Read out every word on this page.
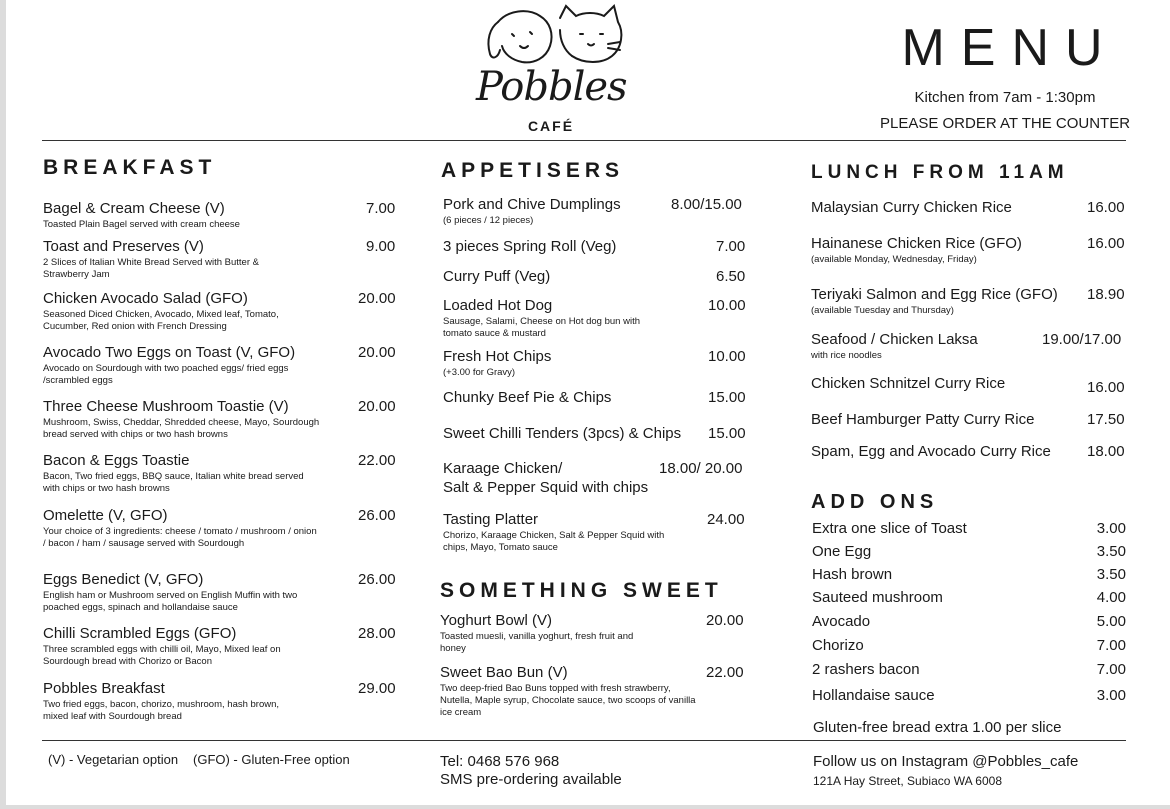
Pobbles
CAFÉ
MENU
Kitchen from 7am - 1:30pm
PLEASE ORDER AT THE COUNTER
BREAKFAST
Bagel & Cream Cheese (V)
Toasted Plain Bagel served with cream cheese
7.00
Toast and Preserves (V)
2 Slices of Italian White Bread Served with Butter & Strawberry Jam
9.00
Chicken Avocado Salad (GFO)
Seasoned Diced Chicken, Avocado, Mixed leaf, Tomato, Cucumber, Red onion with French Dressing
20.00
Avocado Two Eggs on Toast (V, GFO)
Avocado on Sourdough with two poached eggs/ fried eggs /scrambled eggs
20.00
Three Cheese Mushroom Toastie (V)
Mushroom, Swiss, Cheddar, Shredded cheese, Mayo, Sourdough bread served with chips or two hash browns
20.00
Bacon & Eggs Toastie
Bacon, Two fried eggs, BBQ sauce, Italian white bread served with chips or two hash browns
22.00
Omelette (V, GFO)
Your choice of 3 ingredients: cheese / tomato / mushroom / onion / bacon / ham / sausage served with Sourdough
26.00
Eggs Benedict (V, GFO)
English ham or Mushroom served on English Muffin with two poached eggs, spinach and hollandaise sauce
26.00
Chilli Scrambled Eggs (GFO)
Three scrambled eggs with chilli oil, Mayo, Mixed leaf on Sourdough bread with Chorizo or Bacon
28.00
Pobbles Breakfast
Two fried eggs, bacon, chorizo, mushroom, hash brown, mixed leaf with Sourdough bread
29.00
APPETISERS
Pork and Chive Dumplings
(6 pieces / 12 pieces)
8.00/15.00
3 pieces Spring Roll (Veg)	7.00
Curry Puff (Veg)	6.50
Loaded Hot Dog
Sausage, Salami, Cheese on Hot dog bun with tomato sauce & mustard
10.00
Fresh Hot Chips
(+3.00 for Gravy)
10.00
Chunky Beef Pie & Chips	15.00
Sweet Chilli Tenders (3pcs) & Chips	15.00
Karaage Chicken/
Salt & Pepper Squid with chips
18.00/ 20.00
Tasting Platter
Chorizo, Karaage Chicken, Salt & Pepper Squid with chips, Mayo, Tomato sauce
24.00
SOMETHING SWEET
Yoghurt Bowl (V)
Toasted muesli, vanilla yoghurt, fresh fruit and honey
20.00
Sweet Bao Bun (V)
Two deep-fried Bao Buns topped with fresh strawberry, Nutella, Maple syrup, Chocolate sauce, two scoops of vanilla ice cream
22.00
LUNCH FROM 11AM
Malaysian Curry Chicken Rice	16.00
Hainanese Chicken Rice (GFO)
(available Monday, Wednesday, Friday)
16.00
Teriyaki Salmon and Egg Rice (GFO)
(available Tuesday and Thursday)
18.90
Seafood / Chicken Laksa
with rice noodles
19.00/17.00
Chicken Schnitzel Curry Rice	16.00
Beef Hamburger Patty Curry Rice	17.50
Spam, Egg and Avocado Curry Rice	18.00
ADD ONS
Extra one slice of Toast	3.00
One Egg	3.50
Hash brown	3.50
Sauteed mushroom	4.00
Avocado	5.00
Chorizo	7.00
2 rashers bacon	7.00
Hollandaise sauce	3.00
Gluten-free bread extra 1.00 per slice
(V) - Vegetarian option (GFO) - Gluten-Free option	Tel: 0468 576 968
SMS pre-ordering available
Follow us on Instagram @Pobbles_cafe
121A Hay Street, Subiaco WA 6008
